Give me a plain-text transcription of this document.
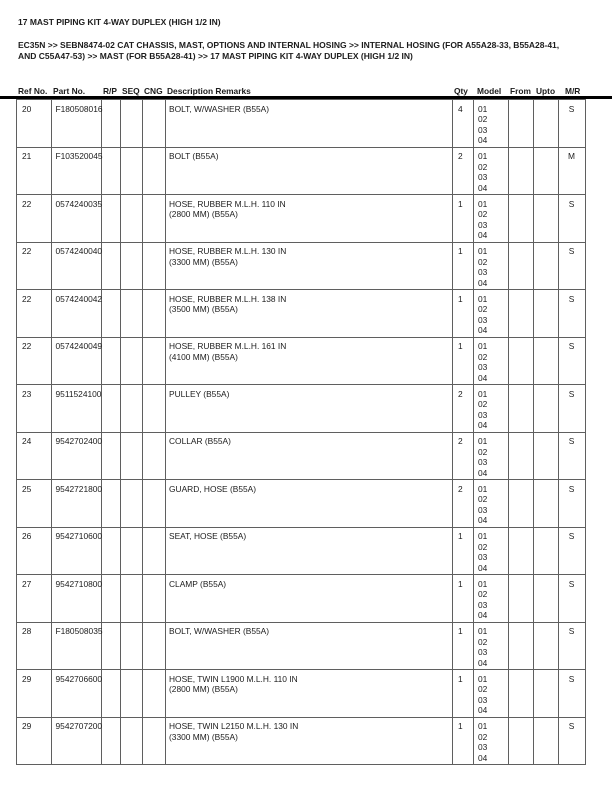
17 MAST PIPING KIT 4-WAY DUPLEX (HIGH 1/2 IN)
EC35N >> SEBN8474-02 CAT CHASSIS, MAST, OPTIONS AND INTERNAL HOSING >> INTERNAL HOSING (FOR A55A28-33, B55A28-41,
AND C55A47-53) >> MAST (FOR B55A28-41) >> 17 MAST PIPING KIT 4-WAY DUPLEX (HIGH 1/2 IN)
Ref No. Part No.	R/P SEQ CNG Description Remarks	Qty	Model	From Upto	M/R
20	F180508016				BOLT, W/WASHER (B55A)	4	01
02
03
04			S
21	F103520045				BOLT (B55A)	2	01
02
03
04			M
22	0574240035				HOSE, RUBBER M.L.H. 110 IN
(2800 MM) (B55A)
	1	01
02
03
04
			S
22	0574240040				HOSE, RUBBER M.L.H. 130 IN
(3300 MM) (B55A)
	1	01
02
03
04
			S
22	0574240042				HOSE, RUBBER M.L.H. 138 IN
(3500 MM) (B55A)
	1	01
02
03
04
			S
22	0574240049				HOSE, RUBBER M.L.H. 161 IN
(4100 MM) (B55A)
	1	01
02
03
04
			S
23	9511524100				PULLEY (B55A)	2	01
02
03
04			S
24	9542702400				COLLAR (B55A)	2	01
02
03
04			S
25	9542721800				GUARD, HOSE (B55A)	2	01
02
03
04			S
26	9542710600				SEAT, HOSE (B55A)	1	01
02
03
04			S
27	9542710800				CLAMP (B55A)	1	01
02
03
04			S
28	F180508035				BOLT, W/WASHER (B55A)	1	01
02
03
04			S
29	9542706600				HOSE, TWIN L1900 M.L.H. 110 IN
(2800 MM) (B55A)
	1	01
02
03
04
			S
29	9542707200				HOSE, TWIN L2150 M.L.H. 130 IN
(3300 MM) (B55A)
	1	01
02
03
04
			S
